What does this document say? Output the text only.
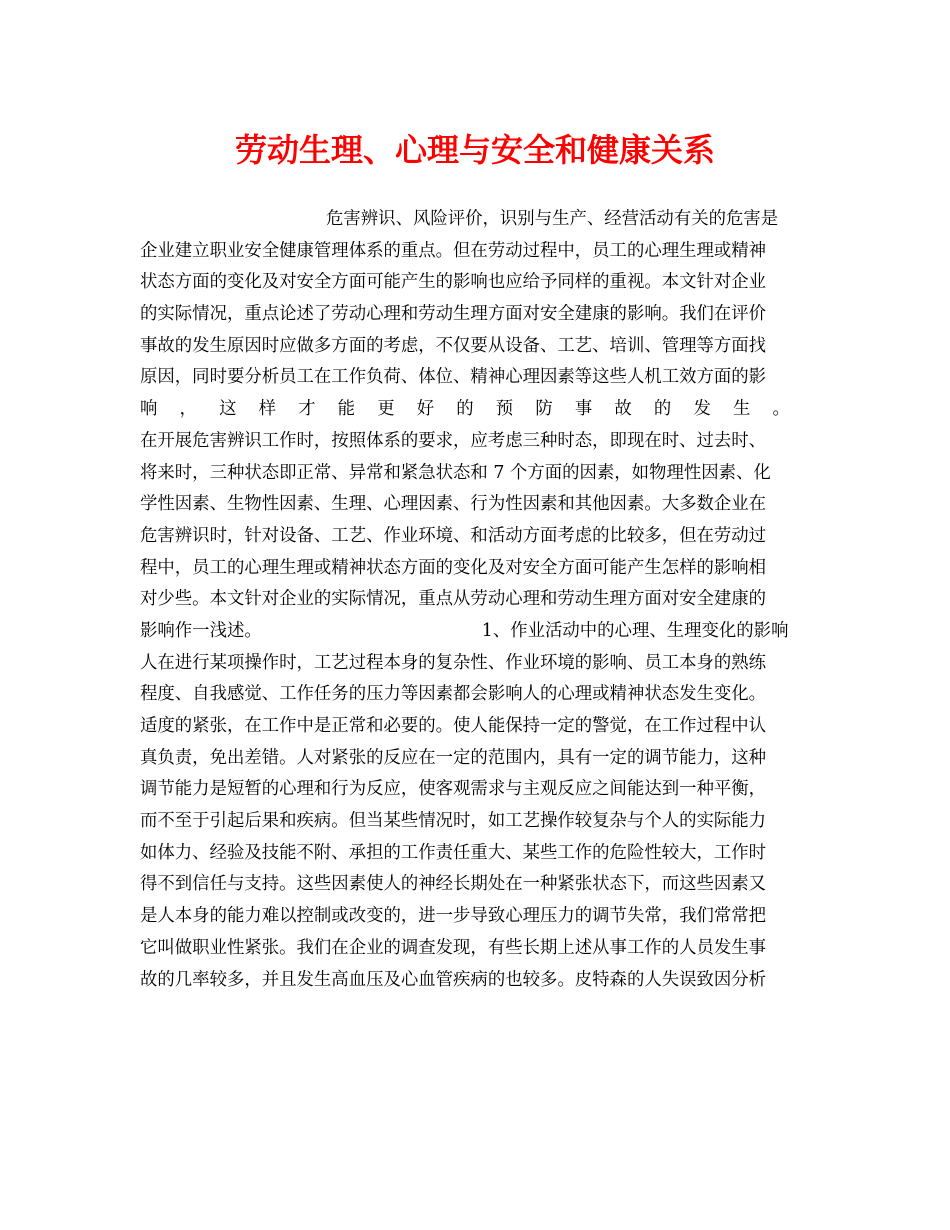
劳动生理、心理与安全和健康关系
危害辨识、风险评价，识别与生产、经营活动有关的危害是
企业建立职业安全健康管理体系的重点。但在劳动过程中，员工的心理生理或精神
状态方面的变化及对安全方面可能产生的影响也应给予同样的重视。本文针对企业
的实际情况，重点论述了劳动心理和劳动生理方面对安全建康的影响。我们在评价
事故的发生原因时应做多方面的考虑，不仅要从设备、工艺、培训、管理等方面找
原因，同时要分析员工在工作负荷、体位、精神心理因素等这些人机工效方面的影
响 ， 这 样 才 能 更 好 的 预 防 事 故 的 发 生 。
在开展危害辨识工作时，按照体系的要求，应考虑三种时态，即现在时、过去时、
将来时，三种状态即正常、异常和紧急状态和 7 个方面的因素，如物理性因素、化
学性因素、生物性因素、生理、心理因素、行为性因素和其他因素。大多数企业在
危害辨识时，针对设备、工艺、作业环境、和活动方面考虑的比较多，但在劳动过
程中，员工的心理生理或精神状态方面的变化及对安全方面可能产生怎样的影响相
对少些。本文针对企业的实际情况，重点从劳动心理和劳动生理方面对安全建康的
影响作一浅述。	1、作业活动中的心理、生理变化的影响
人在进行某项操作时，工艺过程本身的复杂性、作业环境的影响、员工本身的熟练
程度、自我感觉、工作任务的压力等因素都会影响人的心理或精神状态发生变化。
适度的紧张，在工作中是正常和必要的。使人能保持一定的警觉，在工作过程中认
真负责，免出差错。人对紧张的反应在一定的范围内，具有一定的调节能力，这种
调节能力是短暂的心理和行为反应，使客观需求与主观反应之间能达到一种平衡，
而不至于引起后果和疾病。但当某些情况时，如工艺操作较复杂与个人的实际能力
如体力、经验及技能不附、承担的工作责任重大、某些工作的危险性较大，工作时
得不到信任与支持。这些因素使人的神经长期处在一种紧张状态下，而这些因素又
是人本身的能力难以控制或改变的，进一步导致心理压力的调节失常，我们常常把
它叫做职业性紧张。我们在企业的调查发现，有些长期上述从事工作的人员发生事
故的几率较多，并且发生高血压及心血管疾病的也较多。皮特森的人失误致因分析
